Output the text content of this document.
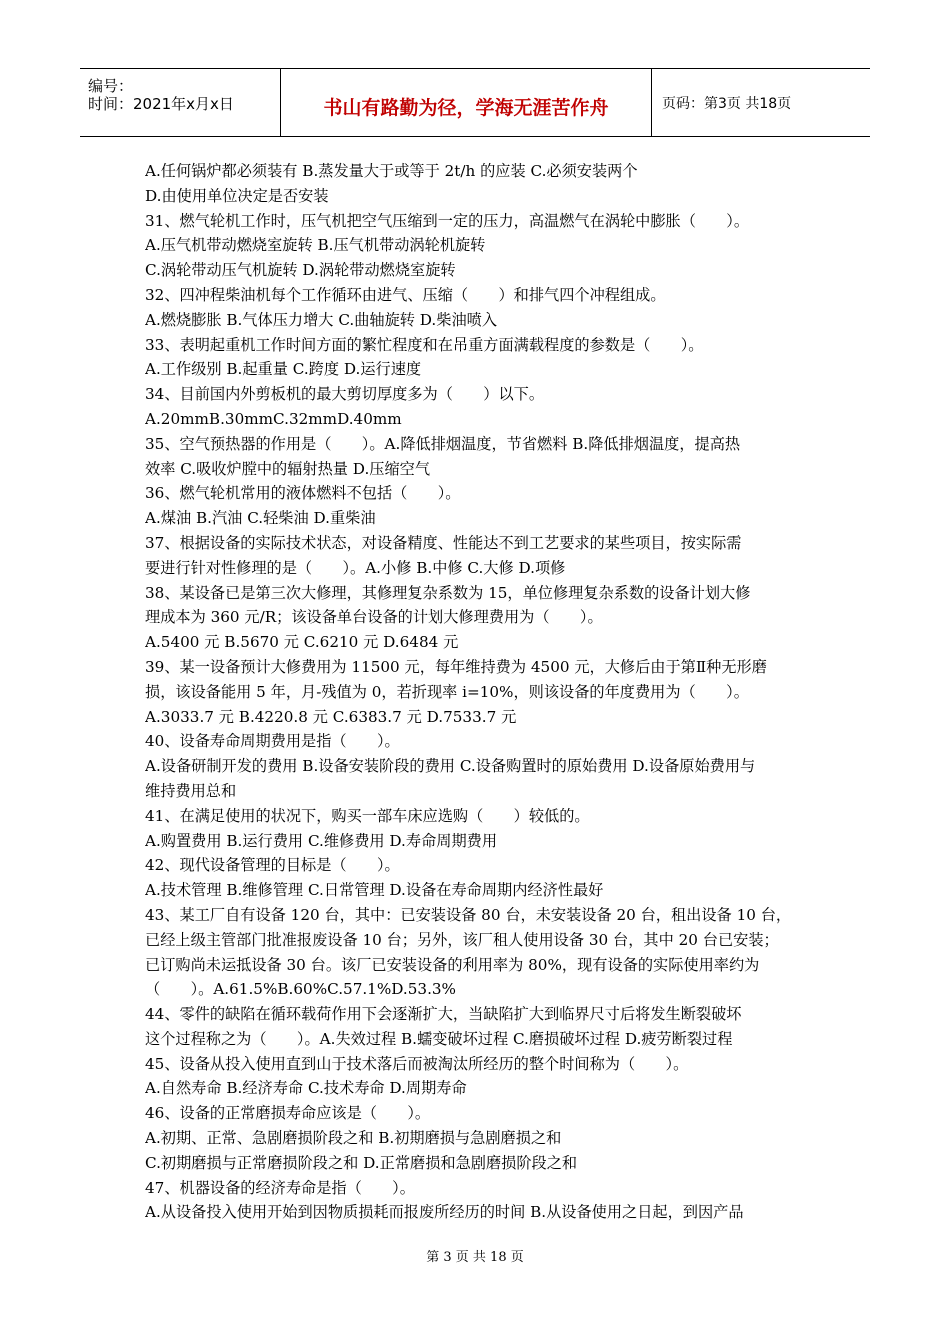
编号：
时间：2021年x月x日	书山有路勤为径，学海无涯苦作舟	页码：第3页 共18页
A.任何锅炉都必须装有 B.蒸发量大于或等于 2t/h 的应装 C.必须安装两个
D.由使用单位决定是否安装
31、燃气轮机工作时，压气机把空气压缩到一定的压力，高温燃气在涡轮中膨胀（　　）。
A.压气机带动燃烧室旋转 B.压气机带动涡轮机旋转
C.涡轮带动压气机旋转 D.涡轮带动燃烧室旋转
32、四冲程柴油机每个工作循环由进气、压缩（　　）和排气四个冲程组成。
A.燃烧膨胀 B.气体压力增大 C.曲轴旋转 D.柴油喷入
33、表明起重机工作时间方面的繁忙程度和在吊重方面满载程度的参数是（　　）。
A.工作级别 B.起重量 C.跨度 D.运行速度
34、目前国内外剪板机的最大剪切厚度多为（　　）以下。
A.20mmB.30mmC.32mmD.40mm
35、空气预热器的作用是（　　）。A.降低排烟温度，节省燃料 B.降低排烟温度，提高热
效率 C.吸收炉膛中的辐射热量 D.压缩空气
36、燃气轮机常用的液体燃料不包括（　　）。
A.煤油 B.汽油 C.轻柴油 D.重柴油
37、根据设备的实际技术状态，对设备精度、性能达不到工艺要求的某些项目，按实际需
要进行针对性修理的是（　　）。A.小修 B.中修 C.大修 D.项修
38、某设备已是第三次大修理，其修理复杂系数为 15，单位修理复杂系数的设备计划大修
理成本为 360 元/R；该设备单台设备的计划大修理费用为（　　）。
A.5400 元 B.5670 元 C.6210 元 D.6484 元
39、某一设备预计大修费用为 11500 元，每年维持费为 4500 元，大修后由于第Ⅱ种无形磨
损，该设备能用 5 年，月-残值为 0，若折现率 i=10%，则该设备的年度费用为（　　）。
A.3033.7 元 B.4220.8 元 C.6383.7 元 D.7533.7 元
40、设备寿命周期费用是指（　　）。
A.设备研制开发的费用 B.设备安装阶段的费用 C.设备购置时的原始费用 D.设备原始费用与
维持费用总和
41、在满足使用的状况下，购买一部车床应选购（　　）较低的。
A.购置费用 B.运行费用 C.维修费用 D.寿命周期费用
42、现代设备管理的目标是（　　）。
A.技术管理 B.维修管理 C.日常管理 D.设备在寿命周期内经济性最好
43、某工厂自有设备 120 台，其中：已安装设备 80 台，未安装设备 20 台，租出设备 10 台，
已经上级主管部门批准报废设备 10 台；另外，该厂租人使用设备 30 台，其中 20 台已安装；
已订购尚未运抵设备 30 台。该厂已安装设备的利用率为 80%，现有设备的实际使用率约为
（　　）。A.61.5%B.60%C.57.1%D.53.3%
44、零件的缺陷在循环载荷作用下会逐渐扩大，当缺陷扩大到临界尺寸后将发生断裂破坏
这个过程称之为（　　）。A.失效过程 B.蠕变破坏过程 C.磨损破坏过程 D.疲劳断裂过程
45、设备从投入使用直到山于技术落后而被淘汰所经历的整个时间称为（　　）。
A.自然寿命 B.经济寿命 C.技术寿命 D.周期寿命
46、设备的正常磨损寿命应该是（　　）。
A.初期、正常、急剧磨损阶段之和 B.初期磨损与急剧磨损之和
C.初期磨损与正常磨损阶段之和 D.正常磨损和急剧磨损阶段之和
47、机器设备的经济寿命是指（　　）。
A.从设备投入使用开始到因物质损耗而报废所经历的时间 B.从设备使用之日起，到因产品
第 3 页 共 18 页
